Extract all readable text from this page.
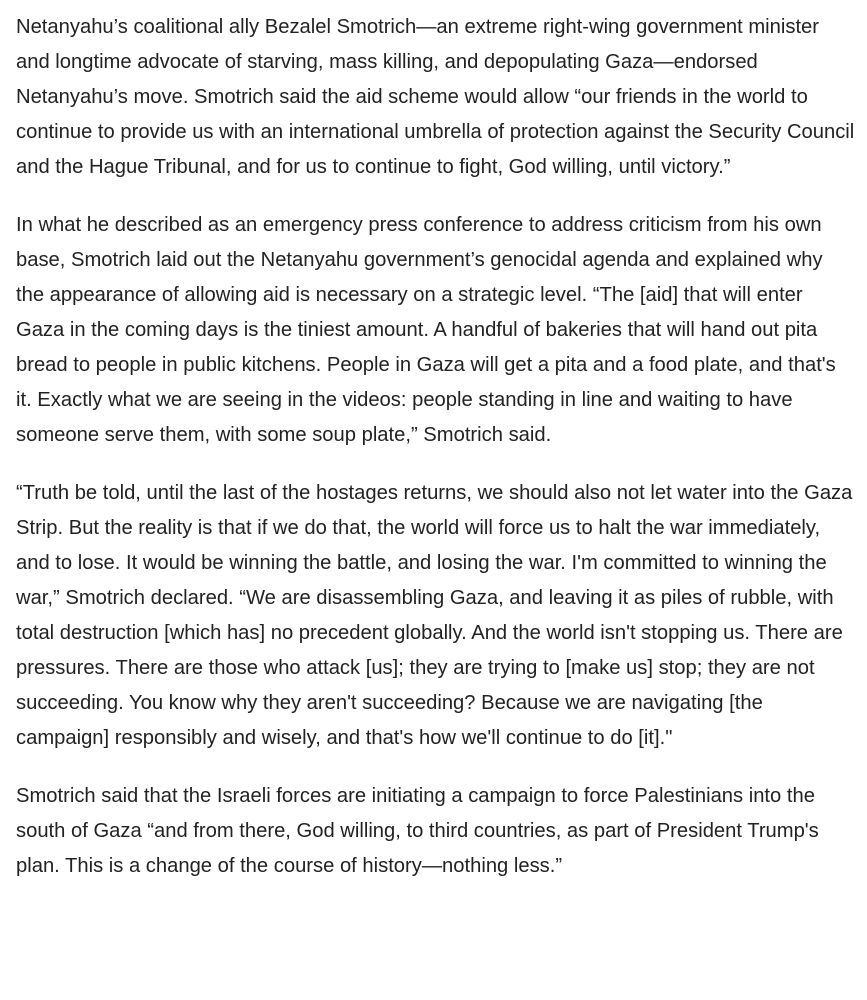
Netanyahu’s coalitional ally Bezalel Smotrich—an extreme right-wing government minister and longtime advocate of starving, mass killing, and depopulating Gaza—endorsed Netanyahu’s move. Smotrich said the aid scheme would allow “our friends in the world to continue to provide us with an international umbrella of protection against the Security Council and the Hague Tribunal, and for us to continue to fight, God willing, until victory.”

In what he described as an emergency press conference to address criticism from his own base, Smotrich laid out the Netanyahu government’s genocidal agenda and explained why the appearance of allowing aid is necessary on a strategic level. “The [aid] that will enter Gaza in the coming days is the tiniest amount. A handful of bakeries that will hand out pita bread to people in public kitchens. People in Gaza will get a pita and a food plate, and that's it. Exactly what we are seeing in the videos: people standing in line and waiting to have someone serve them, with some soup plate,” Smotrich said.

“Truth be told, until the last of the hostages returns, we should also not let water into the Gaza Strip. But the reality is that if we do that, the world will force us to halt the war immediately, and to lose. It would be winning the battle, and losing the war. I'm committed to winning the war,” Smotrich declared. “We are disassembling Gaza, and leaving it as piles of rubble, with total destruction [which has] no precedent globally. And the world isn't stopping us. There are pressures. There are those who attack [us]; they are trying to [make us] stop; they are not succeeding. You know why they aren't succeeding? Because we are navigating [the campaign] responsibly and wisely, and that's how we'll continue to do [it]."

Smotrich said that the Israeli forces are initiating a campaign to force Palestinians into the south of Gaza “and from there, God willing, to third countries, as part of President Trump's plan. This is a change of the course of history—nothing less.”
